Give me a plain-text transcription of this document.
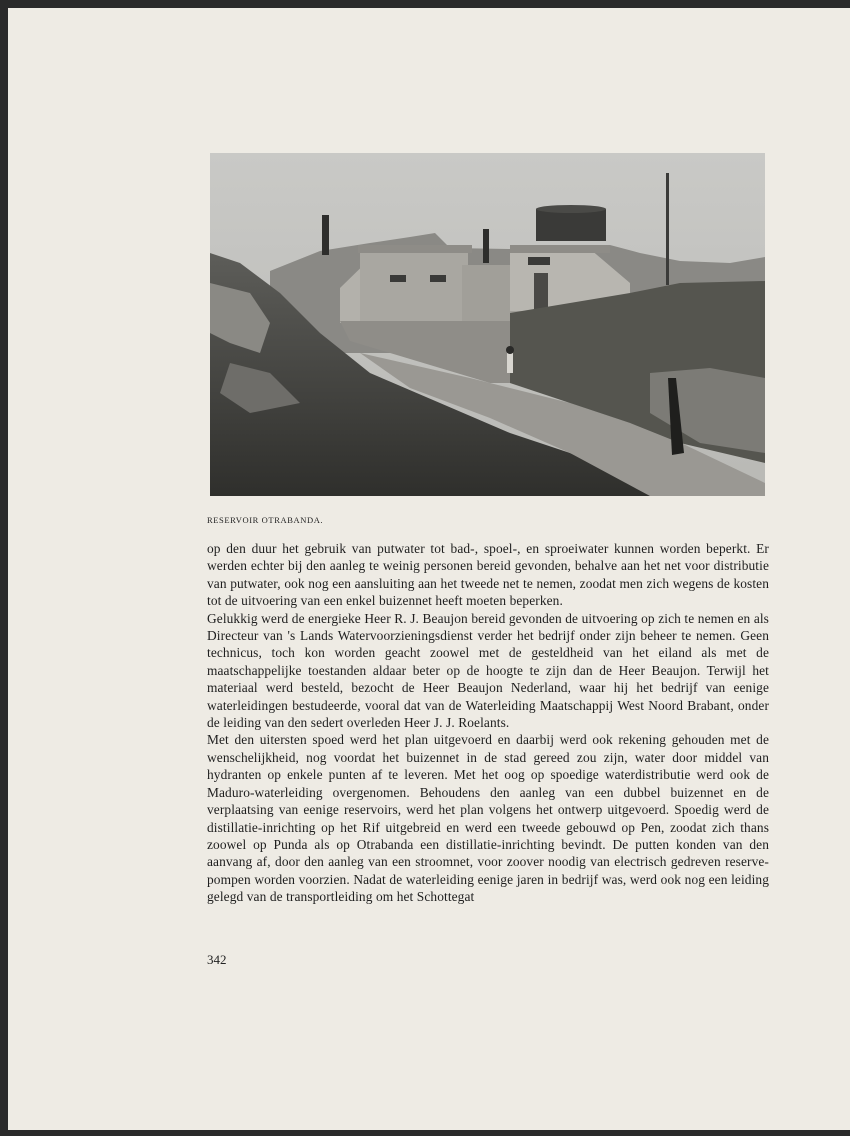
RESERVOIR OTRABANDA.

op den duur het gebruik van putwater tot bad-, spoel-, en sproeiwater kunnen worden beperkt. Er werden echter bij den aanleg te weinig personen bereid gevonden, behalve aan het net voor distributie van putwater, ook nog een aansluiting aan het tweede net te nemen, zoodat men zich wegens de kosten tot de uitvoering van een enkel buizennet heeft moeten beperken.

Gelukkig werd de energieke Heer R. J. Beaujon bereid gevonden de uitvoering op zich te nemen en als Directeur van 's Lands Watervoorzieningsdienst verder het bedrijf onder zijn beheer te nemen. Geen technicus, toch kon worden geacht zoowel met de gesteldheid van het eiland als met de maatschappelijke toestanden aldaar beter op de hoogte te zijn dan de Heer Beaujon. Terwijl het materiaal werd besteld, bezocht de Heer Beaujon Nederland, waar hij het bedrijf van eenige waterleidingen bestudeerde, vooral dat van de Waterleiding Maatschappij West Noord Brabant, onder de leiding van den sedert overleden Heer J. J. Roelants.

Met den uitersten spoed werd het plan uitgevoerd en daarbij werd ook rekening gehouden met de wenschelijkheid, nog voordat het buizennet in de stad gereed zou zijn, water door middel van hydranten op enkele punten af te leveren. Met het oog op spoedige waterdistributie werd ook de Maduro-waterleiding overgenomen. Behoudens den aanleg van een dubbel buizennet en de verplaatsing van eenige reservoirs, werd het plan volgens het ontwerp uitgevoerd. Spoedig werd de distillatie-inrichting op het Rif uitgebreid en werd een tweede gebouwd op Pen, zoodat zich thans zoowel op Punda als op Otrabanda een distillatie-inrichting bevindt. De putten konden van den aanvang af, door den aanleg van een stroomnet, voor zoover noodig van electrisch gedreven reserve-pompen worden voorzien. Nadat de waterleiding eenige jaren in bedrijf was, werd ook nog een leiding gelegd van de transportleiding om het Schottegat

342
